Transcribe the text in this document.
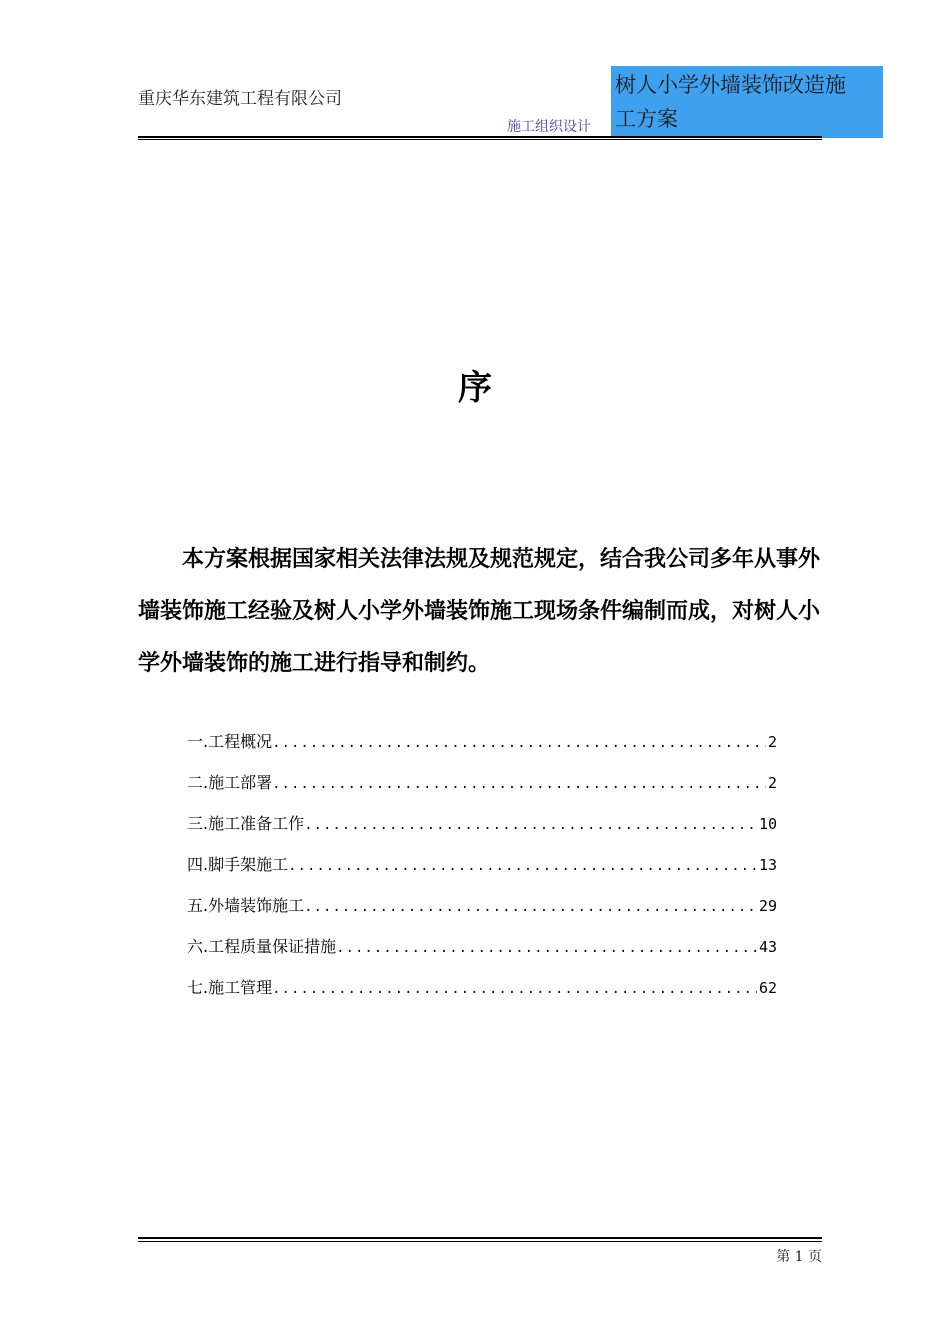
重庆华东建筑工程有限公司
施工组织设计
树人小学外墙装饰改造施
工方案
序
本方案根据国家相关法律法规及规范规定，结合我公司多年从事外墙装饰施工经验及树人小学外墙装饰施工现场条件编制而成，对树人小学外墙装饰的施工进行指导和制约。
一.工程概况 .....	2
二.施工部署 .....	2
三.施工准备工作 .....	10
四.脚手架施工 .....	13
五.外墙装饰施工 .....	29
六.工程质量保证措施 .....	43
七.施工管理 .....	62
第 1 页
